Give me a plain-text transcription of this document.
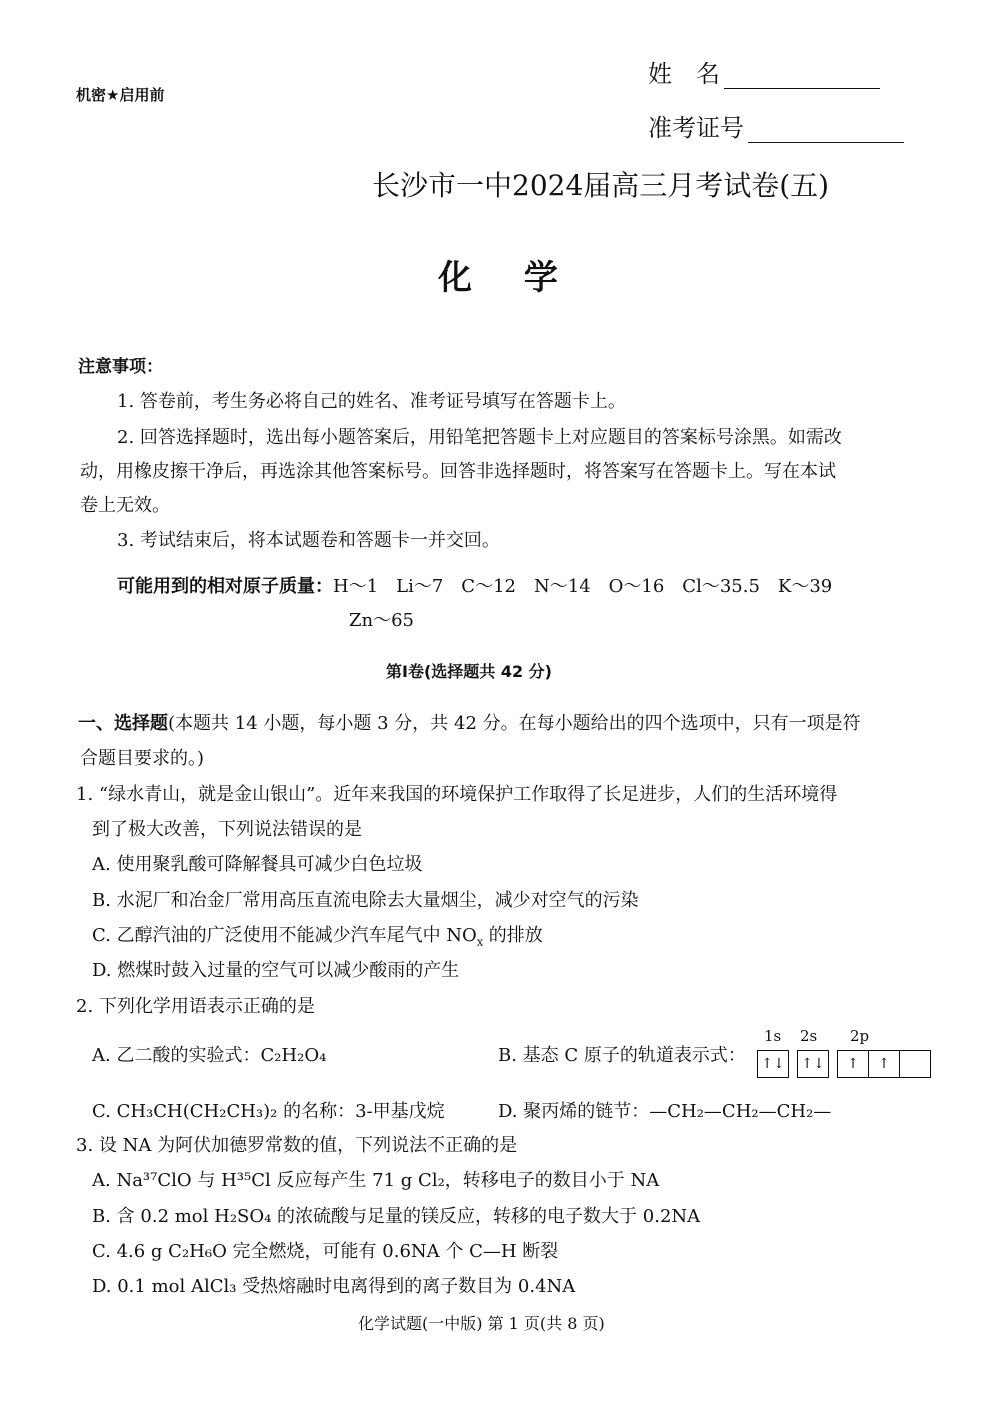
机密★启用前
姓　名
准考证号
长沙市一中2024届高三月考试卷(五)
化 学
注意事项：
1. 答卷前，考生务必将自己的姓名、准考证号填写在答题卡上。
2. 回答选择题时，选出每小题答案后，用铅笔把答题卡上对应题目的答案标号涂黑。如需改
动，用橡皮擦干净后，再选涂其他答案标号。回答非选择题时，将答案写在答题卡上。写在本试
卷上无效。
3. 考试结束后，将本试题卷和答题卡一并交回。
可能用到的相对原子质量：H～1　Li～7　C～12　N～14　O～16　Cl～35.5　K～39
Zn～65
第Ⅰ卷(选择题共 42 分)
一、选择题(本题共 14 小题，每小题 3 分，共 42 分。在每小题给出的四个选项中，只有一项是符
合题目要求的。)
1. “绿水青山，就是金山银山”。近年来我国的环境保护工作取得了长足进步，人们的生活环境得
到了极大改善，下列说法错误的是
A. 使用聚乳酸可降解餐具可减少白色垃圾
B. 水泥厂和冶金厂常用高压直流电除去大量烟尘，减少对空气的污染
C. 乙醇汽油的广泛使用不能减少汽车尾气中 $NO_x$ 的排放
D. 燃煤时鼓入过量的空气可以减少酸雨的产生
2. 下列化学用语表示正确的是
A. 乙二酸的实验式：C₂H₂O₄	B. 基态 C 原子的轨道表示式：
1s 2s 2p
↑↓	↑↓	↑	↑
C. CH₃CH(CH₂CH₃)₂ 的名称：3-甲基戊烷	D. 聚丙烯的链节：—CH₂—CH₂—CH₂—
3. 设 NA 为阿伏加德罗常数的值，下列说法不正确的是
A. Na³⁷ClO 与 H³⁵Cl 反应每产生 71 g Cl₂，转移电子的数目小于 NA
B. 含 0.2 mol H₂SO₄ 的浓硫酸与足量的镁反应，转移的电子数大于 0.2NA
C. 4.6 g C₂H₆O 完全燃烧，可能有 0.6NA 个 C—H 断裂
D. 0.1 mol AlCl₃ 受热熔融时电离得到的离子数目为 0.4NA
化学试题(一中版) 第 1 页(共 8 页)
